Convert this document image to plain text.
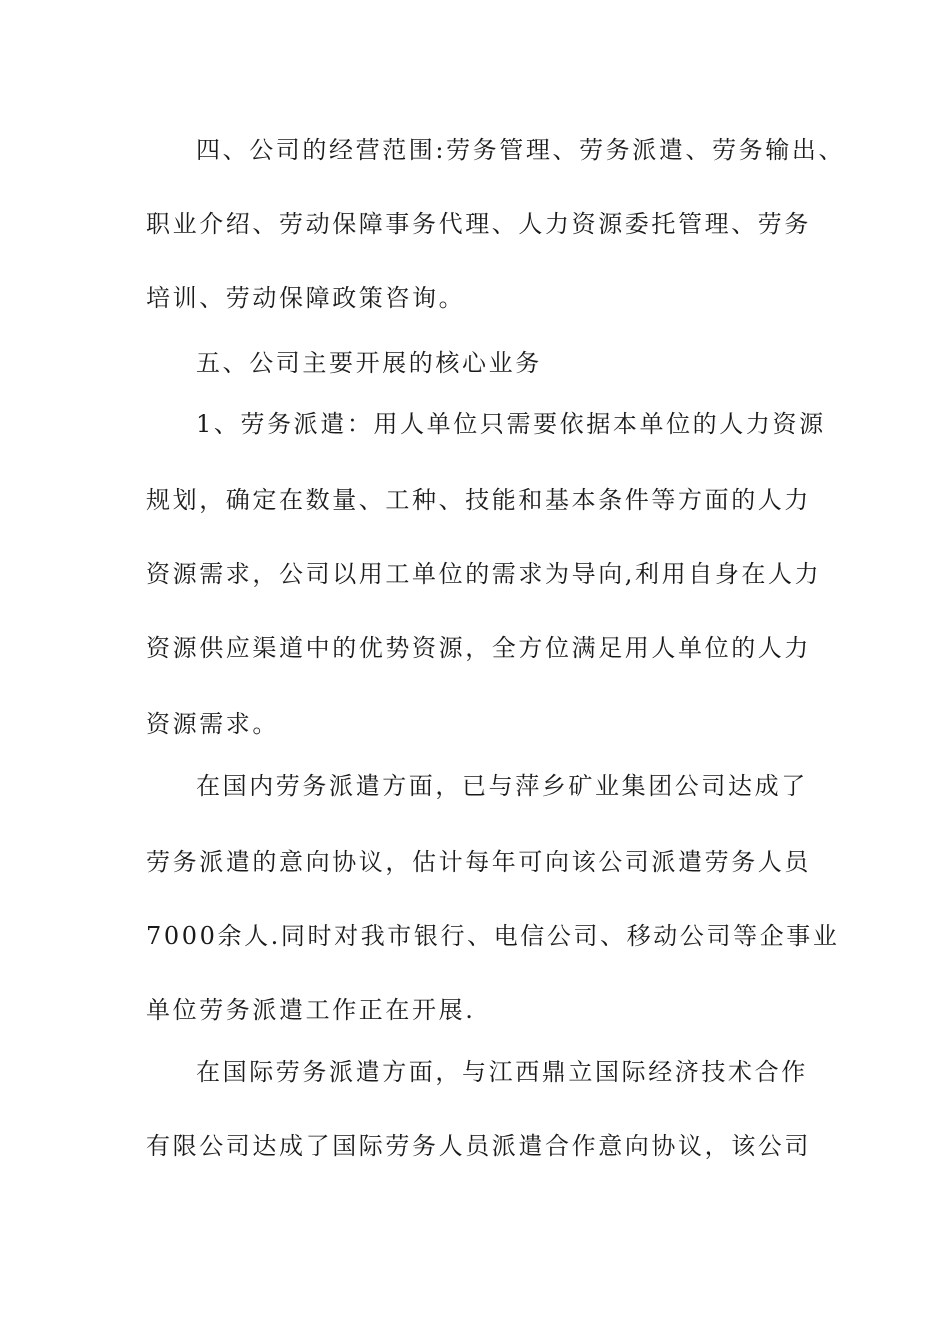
四、公司的经营范围:劳务管理、劳务派遣、劳务输出、
职业介绍、劳动保障事务代理、人力资源委托管理、劳务
培训、劳动保障政策咨询。
五、公司主要开展的核心业务
1、劳务派遣：用人单位只需要依据本单位的人力资源
规划，确定在数量、工种、技能和基本条件等方面的人力
资源需求，公司以用工单位的需求为导向,利用自身在人力
资源供应渠道中的优势资源，全方位满足用人单位的人力
资源需求。
在国内劳务派遣方面，已与萍乡矿业集团公司达成了
劳务派遣的意向协议，估计每年可向该公司派遣劳务人员
7000余人.同时对我市银行、电信公司、移动公司等企事业
单位劳务派遣工作正在开展.
在国际劳务派遣方面，与江西鼎立国际经济技术合作
有限公司达成了国际劳务人员派遣合作意向协议，该公司
